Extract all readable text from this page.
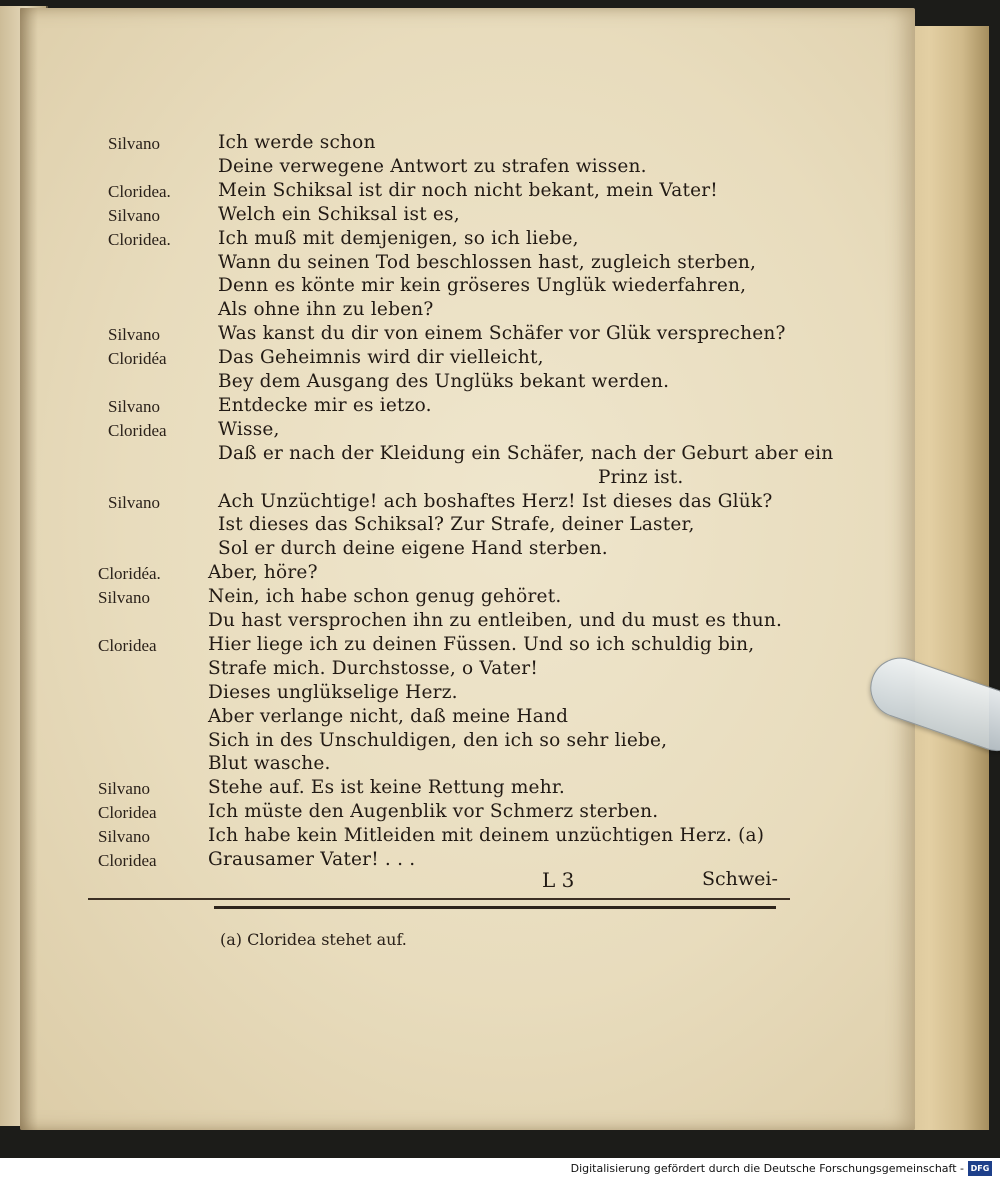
Silvano	Ich werde schon
Deine verwegene Antwort zu strafen wissen.
Cloridea.	Mein Schiksal ist dir noch nicht bekant, mein Vater!
Silvano	Welch ein Schiksal ist es,
Cloridea.	Ich muß mit demjenigen, so ich liebe,
Wann du seinen Tod beschlossen hast, zugleich sterben,
Denn es könte mir kein gröseres Unglük wiederfahren,
Als ohne ihn zu leben?
Silvano	Was kanst du dir von einem Schäfer vor Glük versprechen?
Cloridéa	Das Geheimnis wird dir vielleicht,
Bey dem Ausgang des Unglüks bekant werden.
Silvano	Entdecke mir es ietzo.
Cloridea	Wisse,
Daß er nach der Kleidung ein Schäfer, nach der Geburt aber ein
Prinz ist.
Silvano	Ach Unzüchtige! ach boshaftes Herz! Ist dieses das Glük?
Ist dieses das Schiksal? Zur Strafe, deiner Laster,
Sol er durch deine eigene Hand sterben.
Cloridéa.	Aber, höre?
Silvano	Nein, ich habe schon genug gehöret.
Du hast versprochen ihn zu entleiben, und du must es thun.
Cloridea	Hier liege ich zu deinen Füssen. Und so ich schuldig bin,
Strafe mich. Durchstosse, o Vater!
Dieses unglükselige Herz.
Aber verlange nicht, daß meine Hand
Sich in des Unschuldigen, den ich so sehr liebe,
Blut wasche.
Silvano	Stehe auf. Es ist keine Rettung mehr.
Cloridea	Ich müste den Augenblik vor Schmerz sterben.
Silvano	Ich habe kein Mitleiden mit deinem unzüchtigen Herz. (a)
Cloridea	Grausamer Vater! . . .
L 3	Schwei-
(a) Cloridea stehet auf.
Digitalisierung gefördert durch die Deutsche Forschungsgemeinschaft - DFG
